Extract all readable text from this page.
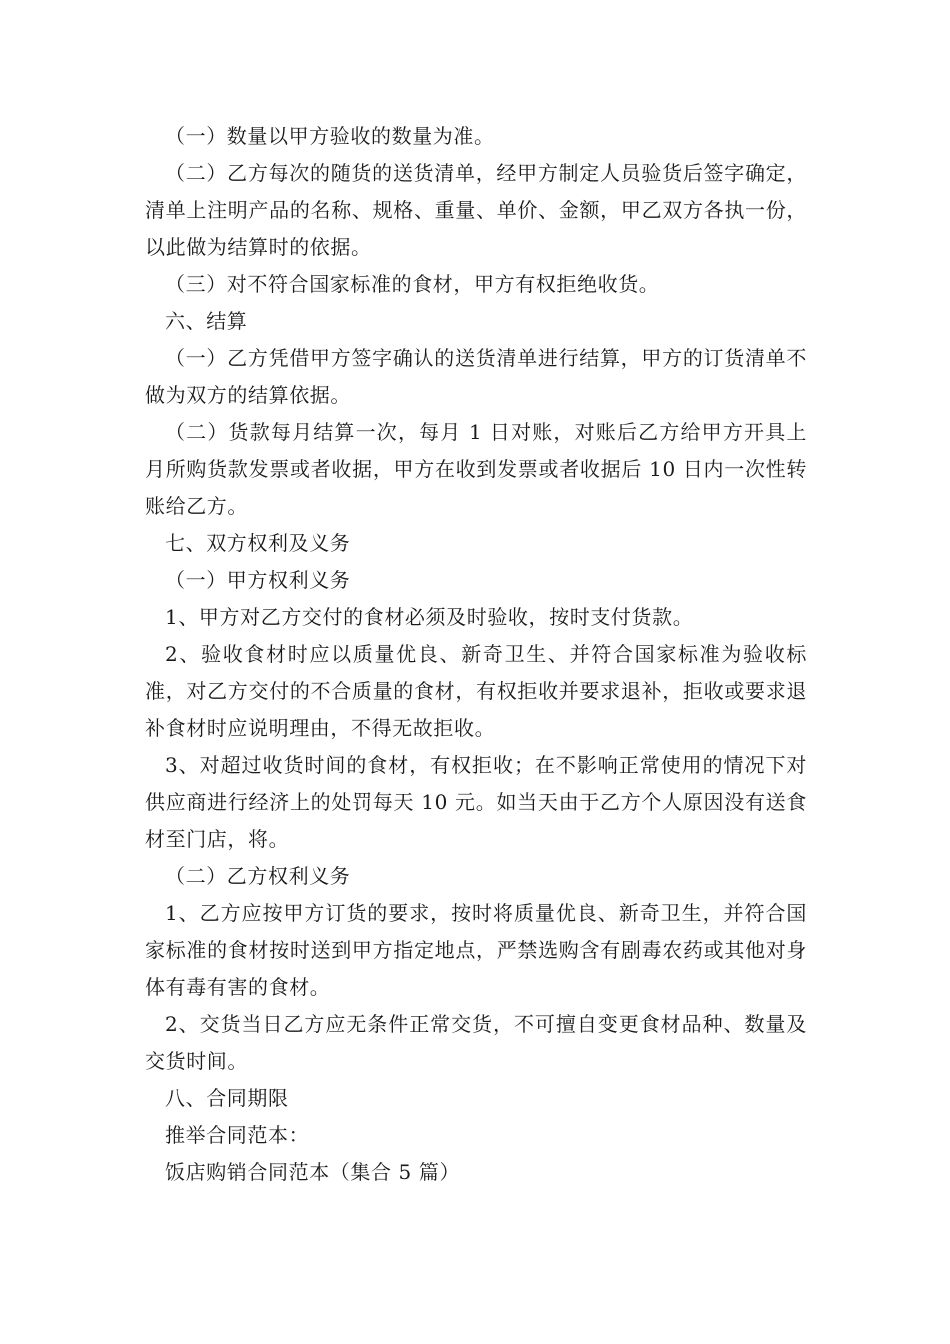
（一）数量以甲方验收的数量为准。

（二）乙方每次的随货的送货清单，经甲方制定人员验货后签字确定，清单上注明产品的名称、规格、重量、单价、金额，甲乙双方各执一份，以此做为结算时的依据。

（三）对不符合国家标准的食材，甲方有权拒绝收货。

六、结算

（一）乙方凭借甲方签字确认的送货清单进行结算，甲方的订货清单不做为双方的结算依据。

（二）货款每月结算一次，每月 1 日对账，对账后乙方给甲方开具上月所购货款发票或者收据，甲方在收到发票或者收据后 10 日内一次性转账给乙方。

七、双方权利及义务

（一）甲方权利义务

1、甲方对乙方交付的食材必须及时验收，按时支付货款。

2、验收食材时应以质量优良、新奇卫生、并符合国家标准为验收标准，对乙方交付的不合质量的食材，有权拒收并要求退补，拒收或要求退补食材时应说明理由，不得无故拒收。

3、对超过收货时间的食材，有权拒收；在不影响正常使用的情况下对供应商进行经济上的处罚每天 10 元。如当天由于乙方个人原因没有送食材至门店，将。

（二）乙方权利义务

1、乙方应按甲方订货的要求，按时将质量优良、新奇卫生，并符合国家标准的食材按时送到甲方指定地点，严禁选购含有剧毒农药或其他对身体有毒有害的食材。

2、交货当日乙方应无条件正常交货，不可擅自变更食材品种、数量及交货时间。

八、合同期限

推举合同范本：

饭店购销合同范本（集合 5 篇）
